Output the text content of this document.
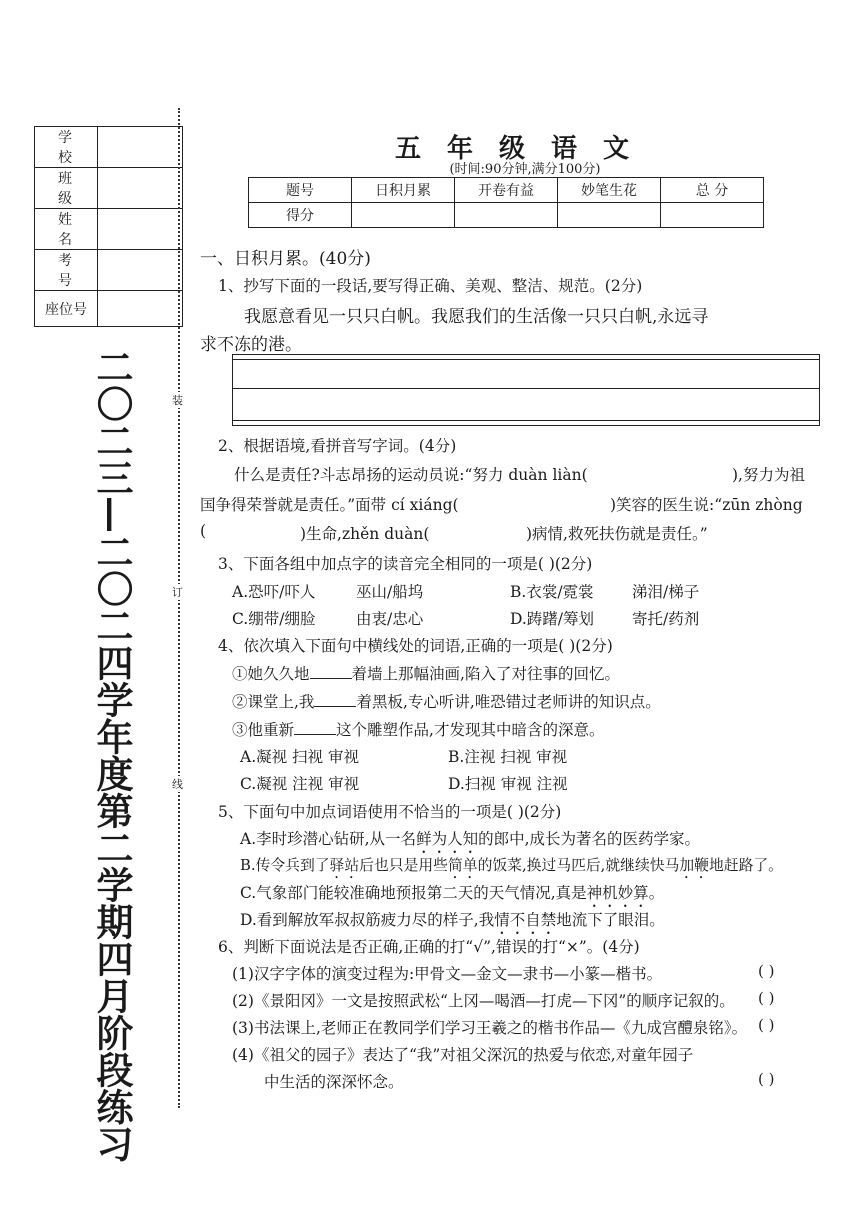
学 校	
班 级	
姓 名	
考 号	
座位号	
二〇二三—二〇二四学年度第二学期四月阶段练习	装
订
线
五年级语文
(时间:90分钟,满分100分)
题号	日积月累	开卷有益	妙笔生花	总 分
得分				
一、日积月累。(40分)
1、抄写下面的一段话,要写得正确、美观、整洁、规范。(2分)
我愿意看见一只只白帆。我愿我们的生活像一只只白帆,永远寻
求不冻的港。
2、根据语境,看拼音写字词。(4分)
什么是责任?斗志昂扬的运动员说:“努力 duàn liàn(	),努力为祖
国争得荣誉就是责任。”面带 cí xiáng(	)笑容的医生说:“zūn zhòng
(	)生命,zhěn duàn(	)病情,救死扶伤就是责任。”
3、下面各组中加点字的读音完全相同的一项是( )(2分)
A.恐吓/吓人	巫山/船坞	B.衣裳/霓裳 涕泪/梯子
C.绷带/绷脸	由衷/忠心	D.踌躇/筹划 寄托/药剂
4、依次填入下面句中横线处的词语,正确的一项是( )(2分)
①她久久地	着墙上那幅油画,陷入了对往事的回忆。
②课堂上,我	着黑板,专心听讲,唯恐错过老师讲的知识点。
③他重新	这个雕塑作品,才发现其中暗含的深意。
A.凝视 扫视 审视	B.注视 扫视 审视
C.凝视 注视 审视	D.扫视 审视 注视
5、下面句中加点词语使用不恰当的一项是( )(2分)
A.李时珍潜心钻研,从一名鲜为人知的郎中,成长为著名的医药学家。
B.传令兵到了驿站后也只是用些简单的饭菜,换过马匹后,就继续快马加鞭地赶路了。
C.气象部门能较准确地预报第二天的天气情况,真是神机妙算。
D.看到解放军叔叔筋疲力尽的样子,我情不自禁地流下了眼泪。
6、判断下面说法是否正确,正确的打“√”,错误的打“×”。(4分)
(1)汉字字体的演变过程为:甲骨文—金文—隶书—小篆—楷书。	( )
(2)《景阳冈》一文是按照武松“上冈—喝酒—打虎—下冈”的顺序记叙的。 ( )
(3)书法课上,老师正在教同学们学习王羲之的楷书作品—《九成宫醴泉铭》。 ( )
(4)《祖父的园子》表达了“我”对祖父深沉的热爱与依恋,对童年园子
中生活的深深怀念。	( )
